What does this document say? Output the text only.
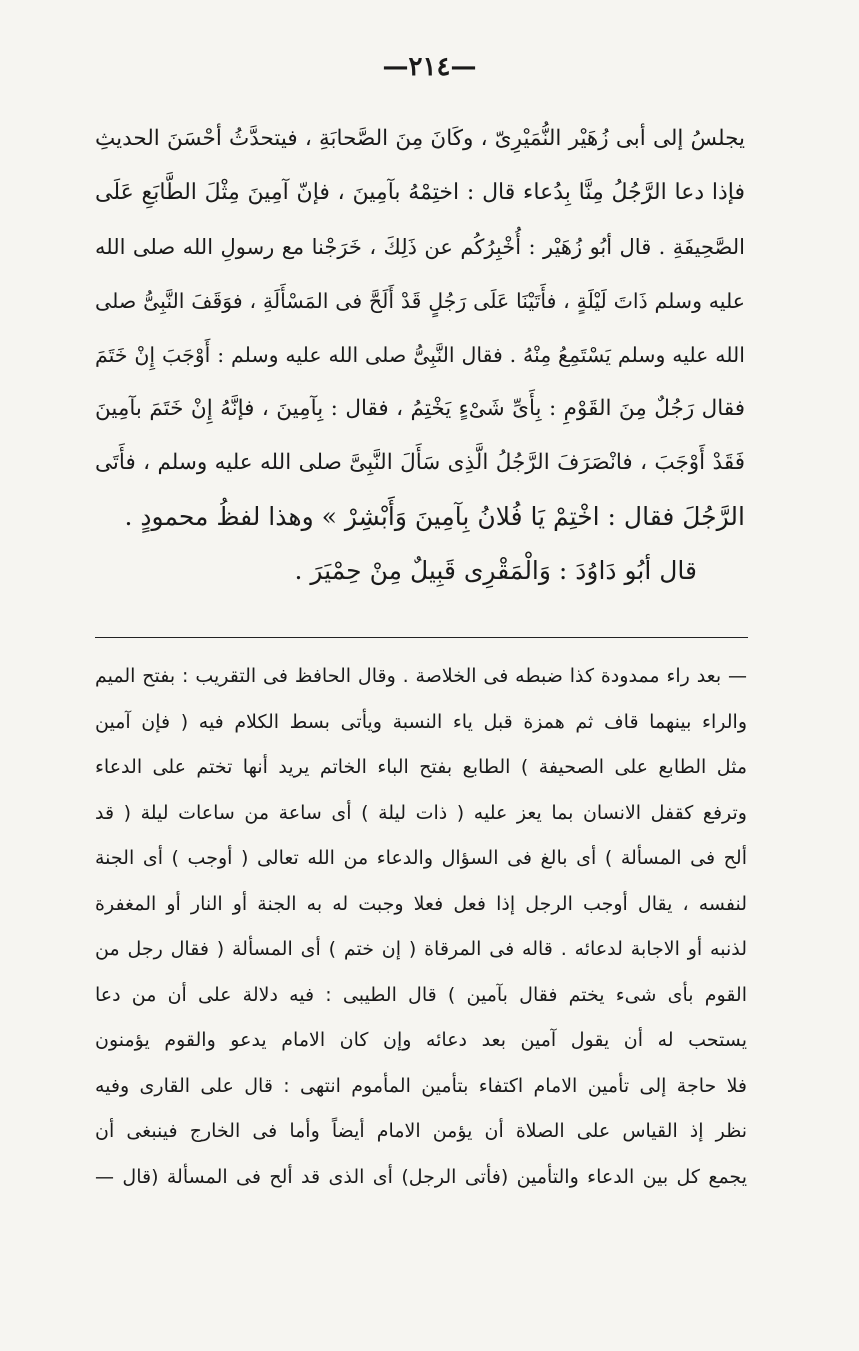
—٢١٤—
يجلسُ إلى أبى زُهَيْر النُّمَيْرِىّ ، وكَانَ مِنَ الصَّحابَةِ ، فيتحدَّثُ أحْسَنَ الحديثِ
فإذا دعا الرَّجُلُ مِنَّا بِدُعاء قال : اختِمْهُ بآمِينَ ، فإنّ آمِينَ مِثْلَ الطَّابَعِ عَلَى
الصَّحِيفَةِ . قال أبُو زُهَيْر : أُخْبِرُكُم عن ذَلِكَ ، خَرَجْنا مع رسولِ الله صلى الله
عليه وسلم ذَاتَ لَيْلَةٍ ، فأَتَيْنَا عَلَى رَجُلٍ قَدْ أَلَحَّ فى المَسْأَلَةِ ، فوَقَفَ النَّبِىُّ صلى
الله عليه وسلم يَسْتَمِعُ مِنْهُ . فقال النَّبِىُّ صلى الله عليه وسلم : أَوْجَبَ إِنْ خَتَمَ
فقال رَجُلٌ مِنَ القَوْمِ : بِأَىِّ شَىْءٍ يَخْتِمُ ، فقال : بِآمِينَ ، فإنَّهُ إِنْ خَتَمَ بآمِينَ
فَقَدْ أَوْجَبَ ، فانْصَرَفَ الرَّجُلُ الَّذِى سَأَلَ النَّبِىَّ صلى الله عليه وسلم ، فأَتَى
الرَّجُلَ فقال : اخْتِمْ يَا فُلانُ بِآمِينَ وَأَبْشِرْ » وهذا لفظُ محمودٍ .
قال أبُو دَاوُدَ : وَالْمَقْرِى قَبِيلٌ مِنْ حِمْيَرَ .
— بعد راء ممدودة كذا ضبطه فى الخلاصة . وقال الحافظ فى التقريب : بفتح الميم
والراء بينهما قاف ثم همزة قبل ياء النسبة ويأتى بسط الكلام فيه ( فإن آمين
مثل الطابع على الصحيفة ) الطابع بفتح الباء الخاتم يريد أنها تختم على الدعاء
وترفع كقفل الانسان بما يعز عليه ( ذات ليلة ) أى ساعة من ساعات ليلة ( قد
ألح فى المسألة ) أى بالغ فى السؤال والدعاء من الله تعالى ( أوجب ) أى الجنة
لنفسه ، يقال أوجب الرجل إذا فعل فعلا وجبت له به الجنة أو النار أو المغفرة
لذنبه أو الاجابة لدعائه . قاله فى المرقاة ( إن ختم ) أى المسألة ( فقال رجل من
القوم بأى شىء يختم فقال بآمين ) قال الطيبى : فيه دلالة على أن من دعا
يستحب له أن يقول آمين بعد دعائه وإن كان الامام يدعو والقوم يؤمنون
فلا حاجة إلى تأمين الامام اكتفاء بتأمين المأموم انتهى : قال على القارى وفيه
نظر إذ القياس على الصلاة أن يؤمن الامام أيضاً وأما فى الخارج فينبغى أن
يجمع كل بين الدعاء والتأمين (فأتى الرجل) أى الذى قد ألح فى المسألة (قال —
